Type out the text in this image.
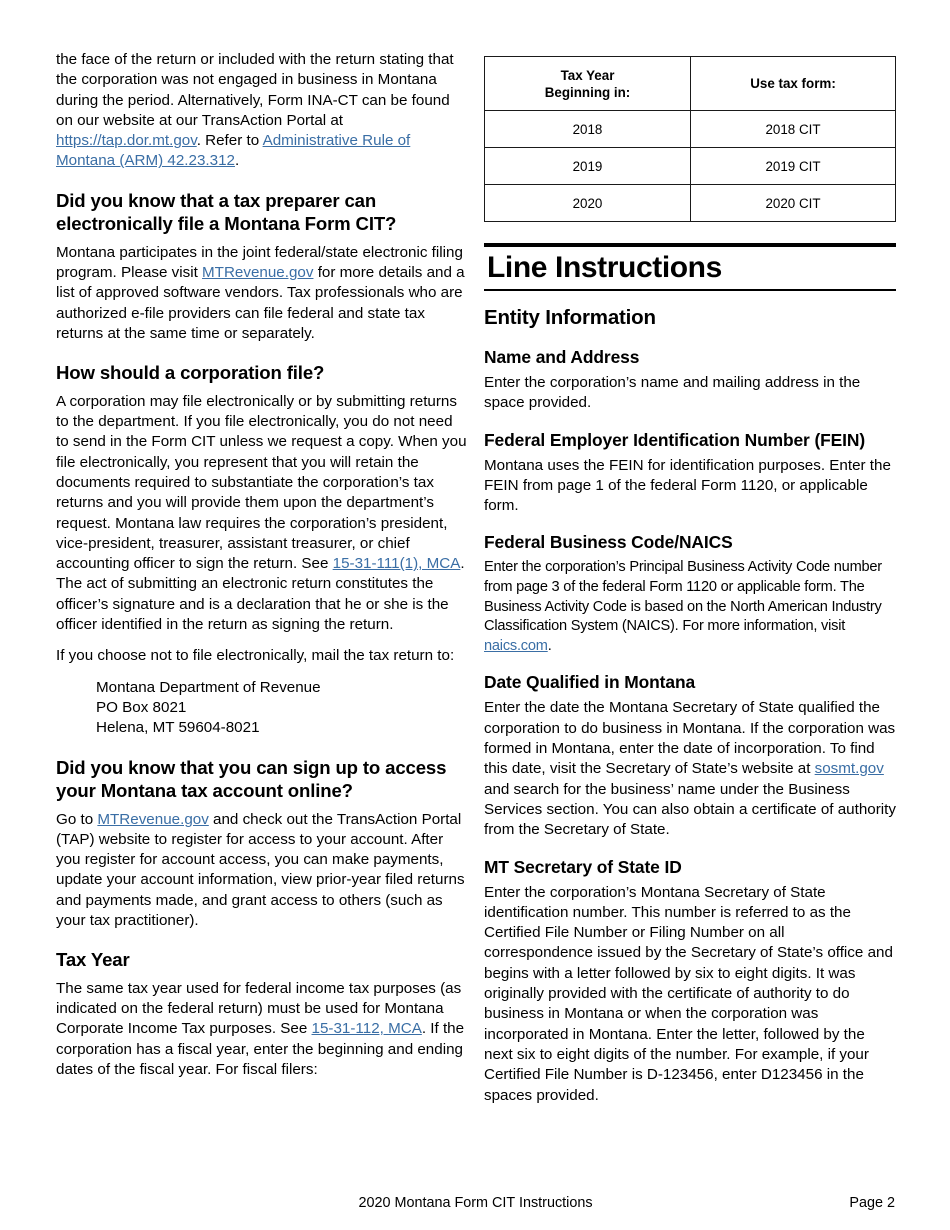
the face of the return or included with the return stating that the corporation was not engaged in business in Montana during the period. Alternatively, Form INA-CT can be found on our website at our TransAction Portal at https://tap.dor.mt.gov. Refer to Administrative Rule of Montana (ARM) 42.23.312.

Did you know that a tax preparer can electronically file a Montana Form CIT?

Montana participates in the joint federal/state electronic filing program. Please visit MTRevenue.gov for more details and a list of approved software vendors. Tax professionals who are authorized e-file providers can file federal and state tax returns at the same time or separately.

How should a corporation file?

A corporation may file electronically or by submitting returns to the department. If you file electronically, you do not need to send in the Form CIT unless we request a copy. When you file electronically, you represent that you will retain the documents required to substantiate the corporation’s tax returns and you will provide them upon the department’s request. Montana law requires the corporation’s president, vice-president, treasurer, assistant treasurer, or chief accounting officer to sign the return. See 15-31-111(1), MCA. The act of submitting an electronic return constitutes the officer’s signature and is a declaration that he or she is the officer identified in the return as signing the return.

If you choose not to file electronically, mail the tax return to:

Montana Department of Revenue
PO Box 8021
Helena, MT 59604-8021
Did you know that you can sign up to access your Montana tax account online?

Go to MTRevenue.gov and check out the TransAction Portal (TAP) website to register for access to your account. After you register for account access, you can make payments, update your account information, view prior-year filed returns and payments made, and grant access to others (such as your tax practitioner).

Tax Year

The same tax year used for federal income tax purposes (as indicated on the federal return) must be used for Montana Corporate Income Tax purposes. See 15-31-112, MCA. If the corporation has a fiscal year, enter the beginning and ending dates of the fiscal year. For fiscal filers:

Tax Year
Beginning in:	Use tax form:
2018	2018 CIT
2019	2019 CIT
2020	2020 CIT
Line Instructions
Entity Information
Name and Address

Enter the corporation’s name and mailing address in the space provided.

Federal Employer Identification Number (FEIN)

Montana uses the FEIN for identification purposes. Enter the FEIN from page 1 of the federal Form 1120, or applicable form.

Federal Business Code/NAICS

Enter the corporation’s Principal Business Activity Code number from page 3 of the federal Form 1120 or applicable form. The Business Activity Code is based on the North American Industry Classification System (NAICS). For more information, visit naics.com.

Date Qualified in Montana

Enter the date the Montana Secretary of State qualified the corporation to do business in Montana. If the corporation was formed in Montana, enter the date of incorporation. To find this date, visit the Secretary of State’s website at sosmt.gov and search for the business’ name under the Business Services section. You can also obtain a certificate of authority from the Secretary of State.

MT Secretary of State ID

Enter the corporation’s Montana Secretary of State identification number. This number is referred to as the Certified File Number or Filing Number on all correspondence issued by the Secretary of State’s office and begins with a letter followed by six to eight digits. It was originally provided with the certificate of authority to do business in Montana or when the corporation was incorporated in Montana. Enter the letter, followed by the next six to eight digits of the number. For example, if your Certified File Number is D-123456, enter D123456 in the spaces provided.

2020 Montana Form CIT Instructions	Page 2
